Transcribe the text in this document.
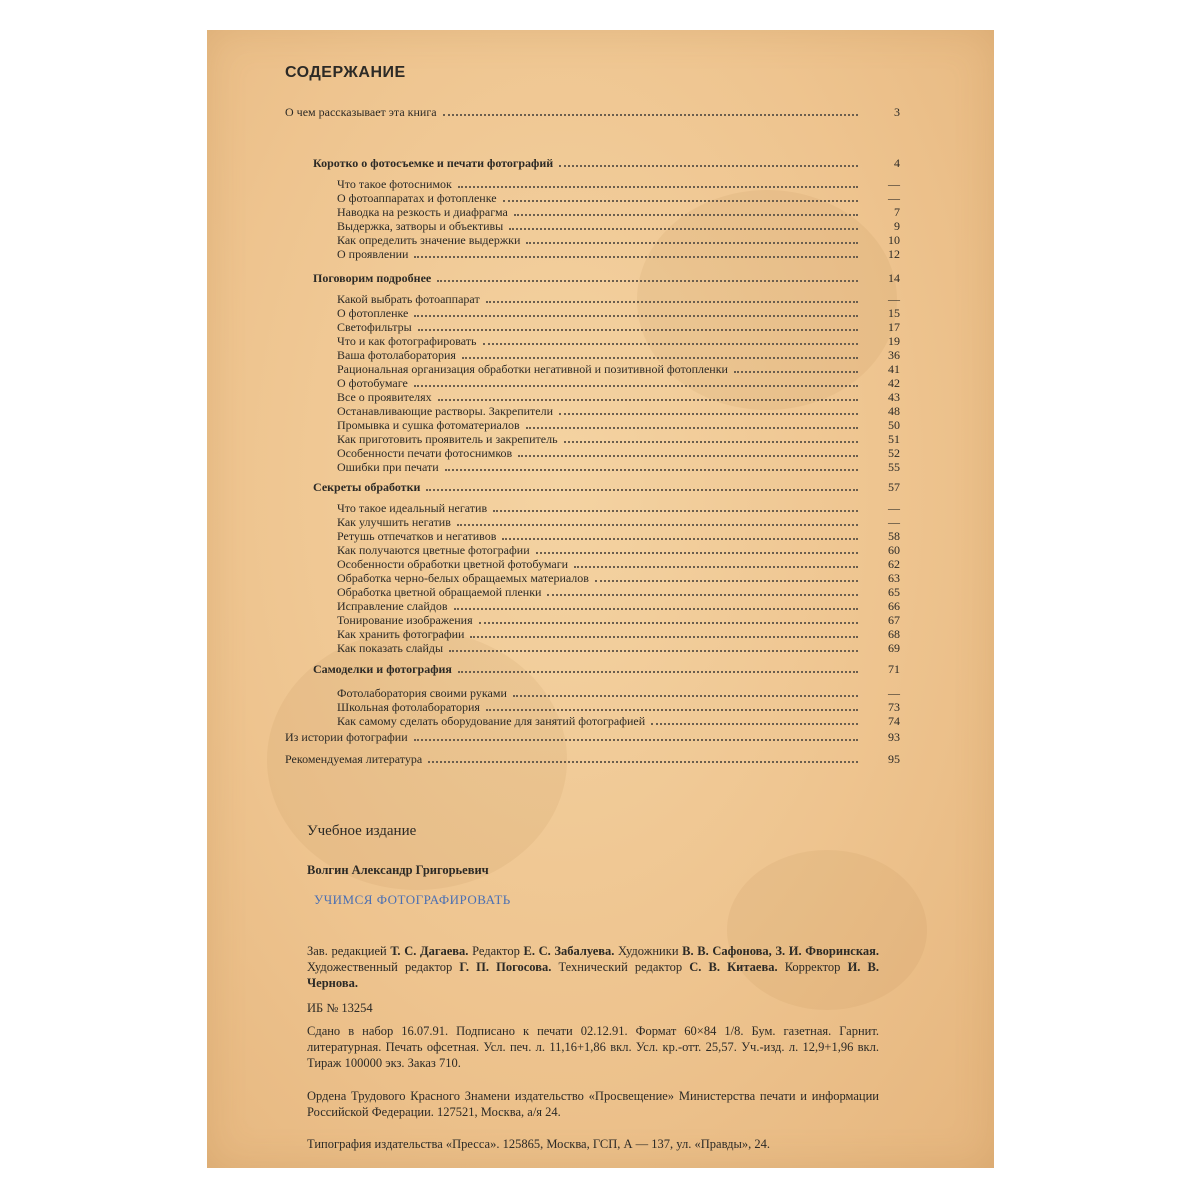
СОДЕРЖАНИЕ
О чем рассказывает эта книга	3
Коротко о фотосъемке и печати фотографий	4
Что такое фотоснимок	—
О фотоаппаратах и фотопленке	—
Наводка на резкость и диафрагма	7
Выдержка, затворы и объективы	9
Как определить значение выдержки	10
О проявлении	12
Поговорим подробнее	14
Какой выбрать фотоаппарат	—
О фотопленке	15
Светофильтры	17
Что и как фотографировать	19
Ваша фотолаборатория	36
Рациональная организация обработки негативной и позитивной фотопленки	41
О фотобумаге	42
Все о проявителях	43
Останавливающие растворы. Закрепители	48
Промывка и сушка фотоматериалов	50
Как приготовить проявитель и закрепитель	51
Особенности печати фотоснимков	52
Ошибки при печати	55
Секреты обработки	57
Что такое идеальный негатив	—
Как улучшить негатив	—
Ретушь отпечатков и негативов	58
Как получаются цветные фотографии	60
Особенности обработки цветной фотобумаги	62
Обработка черно-белых обращаемых материалов	63
Обработка цветной обращаемой пленки	65
Исправление слайдов	66
Тонирование изображения	67
Как хранить фотографии	68
Как показать слайды	69
Самоделки и фотография	71
Фотолаборатория своими руками	—
Школьная фотолаборатория	73
Как самому сделать оборудование для занятий фотографией	74
Из истории фотографии	93
Рекомендуемая литература	95
Учебное издание
Волгин Александр Григорьевич
УЧИМСЯ ФОТОГРАФИРОВАТЬ
Зав. редакцией Т. С. Дагаева. Редактор Е. С. Забалуева. Художники В. В. Сафонова, З. И. Фворинская. Художественный редактор Г. П. Погосова. Технический редактор С. В. Китаева. Корректор И. В. Чернова.
ИБ № 13254
Сдано в набор 16.07.91. Подписано к печати 02.12.91. Формат 60×84 1/8. Бум. газетная. Гарнит. литературная. Печать офсетная. Усл. печ. л. 11,16+1,86 вкл. Усл. кр.-отт. 25,57. Уч.-изд. л. 12,9+1,96 вкл. Тираж 100000 экз. Заказ 710.
Ордена Трудового Красного Знамени издательство «Просвещение» Министерства печати и информации Российской Федерации. 127521, Москва, а/я 24.
Типография издательства «Пресса». 125865, Москва, ГСП, А — 137, ул. «Правды», 24.
